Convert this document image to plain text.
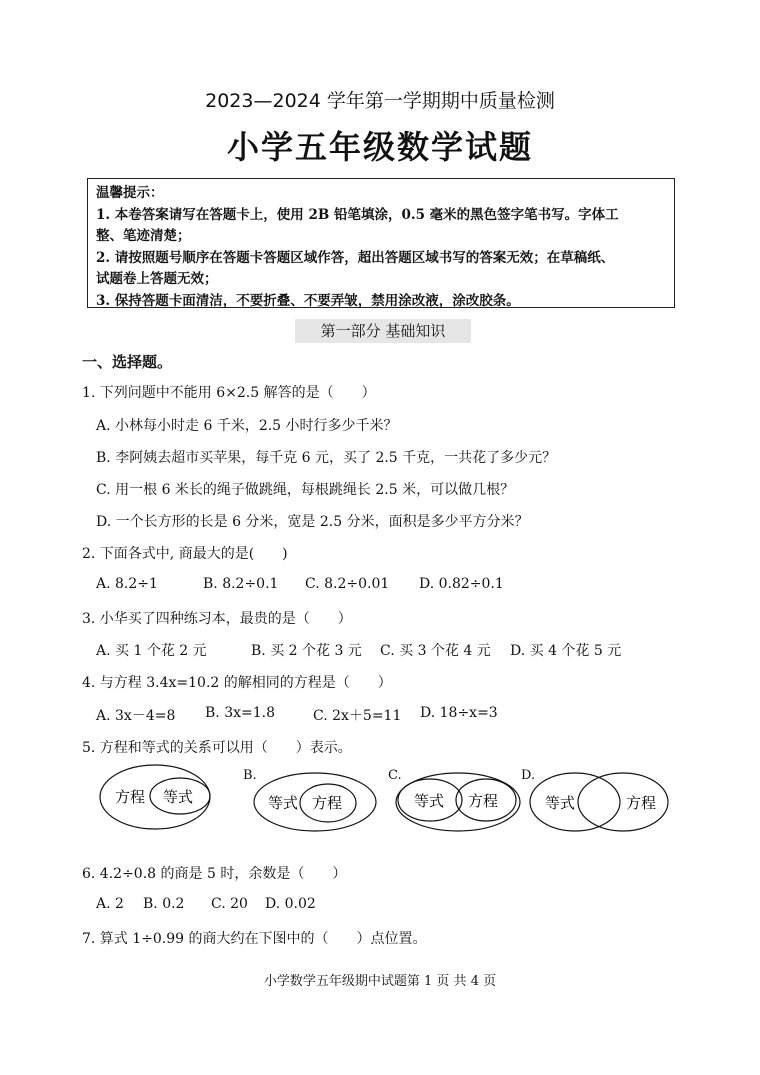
2023—2024 学年第一学期期中质量检测
小学五年级数学试题
温馨提示：
1. 本卷答案请写在答题卡上，使用 2B 铅笔填涂，0.5 毫米的黑色签字笔书写。字体工
整、笔迹清楚；
2. 请按照题号顺序在答题卡答题区域作答，超出答题区域书写的答案无效；在草稿纸、
试题卷上答题无效；
3. 保持答题卡面清洁，不要折叠、不要弄皱，禁用涂改液，涂改胶条。
第一部分 基础知识
一、选择题。
1. 下列问题中不能用 6×2.5 解答的是（　　）
A. 小林每小时走 6 千米，2.5 小时行多少千米？
B. 李阿姨去超市买苹果，每千克 6 元，买了 2.5 千克，一共花了多少元？
C. 用一根 6 米长的绳子做跳绳，每根跳绳长 2.5 米，可以做几根？
D. 一个长方形的长是 6 分米，宽是 2.5 分米，面积是多少平方分米？
2. 下面各式中, 商最大的是(　　)
A. 8.2÷1	B. 8.2÷0.1 C. 8.2÷0.01 D. 0.82÷0.1
3. 小华买了四种练习本，最贵的是（　　）
A. 买 1 个花 2 元	B. 买 2 个花 3 元 C. 买 3 个花 4 元 D. 买 4 个花 5 元
4. 与方程 3.4x=10.2 的解相同的方程是（　　）
A. 3x－4=8 B. 3x=1.8	C. 2x＋5=11 D. 18÷x=3
5. 方程和等式的关系可以用（　　）表示。
B.	C.	D.
方程 等式	等式 方程	等式 方程	等式	方程
6. 4.2÷0.8 的商是 5 时，余数是（　　）
A. 2 B. 0.2 C. 20 D. 0.02
7. 算式 1÷0.99 的商大约在下图中的（　　）点位置。
小学数学五年级期中试题第 1 页 共 4 页
